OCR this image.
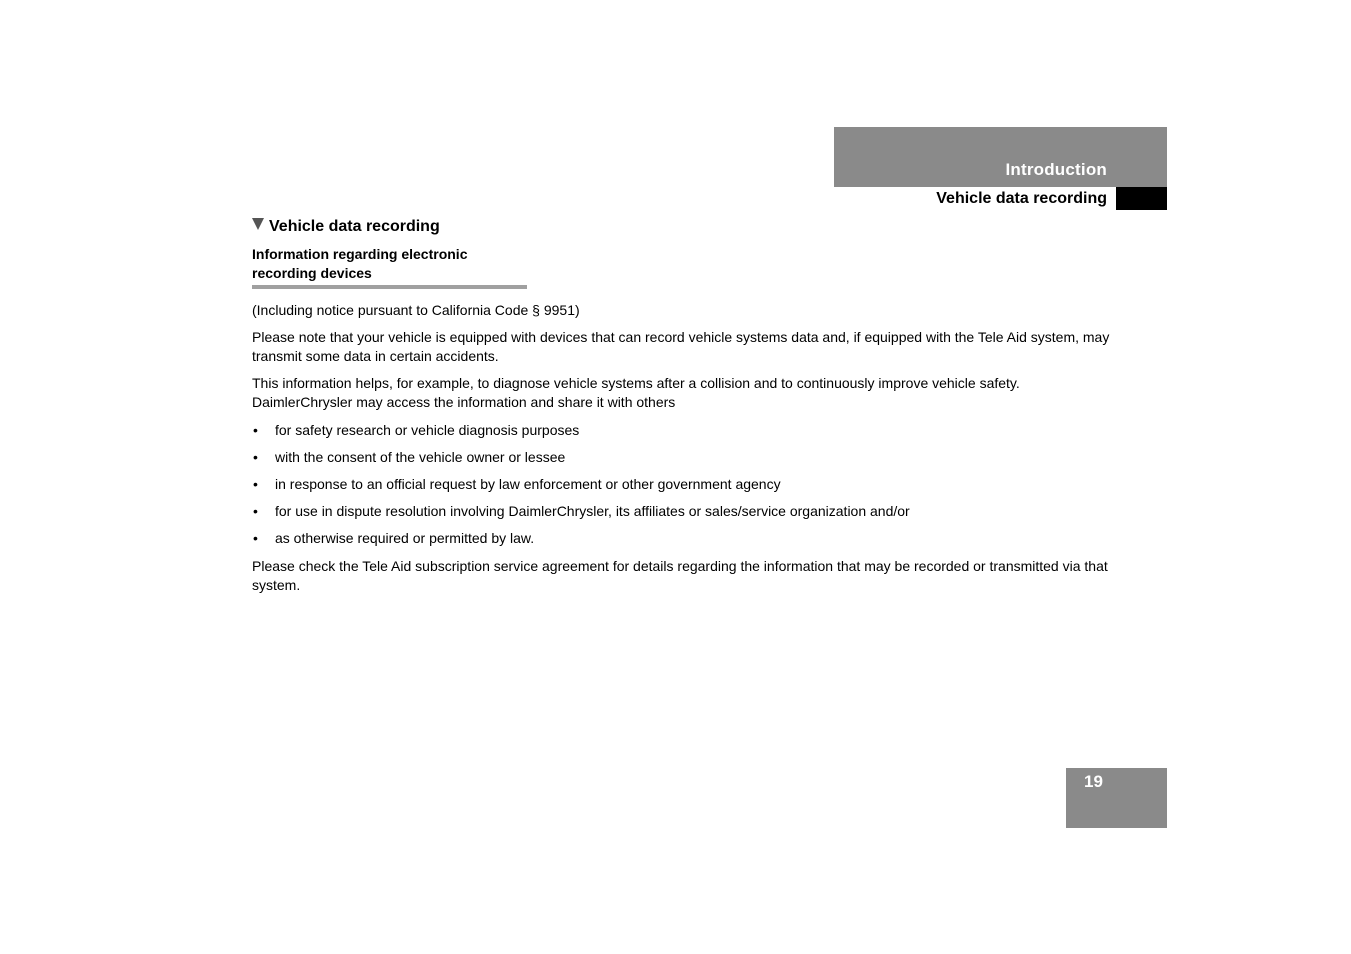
Introduction
Vehicle data recording
Vehicle data recording
Information regarding electronic recording devices

(Including notice pursuant to California Code § 9951)

Please note that your vehicle is equipped with devices that can record vehicle systems data and, if equipped with the Tele Aid system, may transmit some data in certain accidents.

This information helps, for example, to diagnose vehicle systems after a collision and to continuously improve vehicle safety. DaimlerChrysler may access the information and share it with others

• for safety research or vehicle diagnosis purposes
• with the consent of the vehicle owner or lessee
• in response to an official request by law enforcement or other government agency
• for use in dispute resolution involving DaimlerChrysler, its affiliates or sales/service organization and/or
• as otherwise required or permitted by law.

Please check the Tele Aid subscription service agreement for details regarding the information that may be recorded or transmitted via that system.

19
